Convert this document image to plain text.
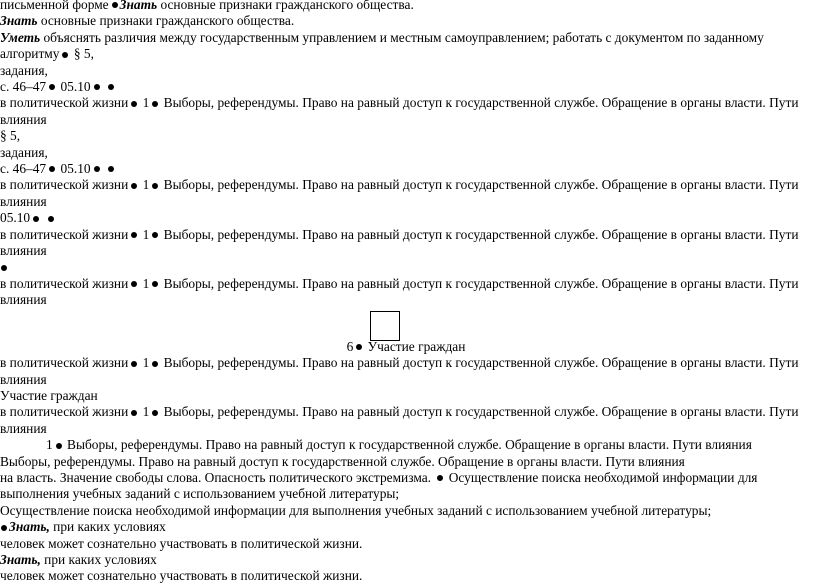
письменной форме Знать основные признаки гражданского общества.
Знать основные признаки гражданского общества.
Уметь объяснять различия между государственным управлением и местным самоуправлением; работать с документом по заданному алгоритму § 5,
задания,
с. 46–47 05.10
в политической жизни 1 Выборы, референдумы. Право на равный доступ к государственной службе. Обращение в органы власти. Пути влияния
§ 5,
задания,
с. 46–47 05.10
в политической жизни 1 Выборы, референдумы. Право на равный доступ к государственной службе. Обращение в органы власти. Пути влияния
05.10
в политической жизни 1 Выборы, референдумы. Право на равный доступ к государственной службе. Обращение в органы власти. Пути влияния
в политической жизни 1 Выборы, референдумы. Право на равный доступ к государственной службе. Обращение в органы власти. Пути влияния
6 Участие граждан
в политической жизни 1 Выборы, референдумы. Право на равный доступ к государственной службе. Обращение в органы власти. Пути влияния
Участие граждан
в политической жизни 1 Выборы, референдумы. Право на равный доступ к государственной службе. Обращение в органы власти. Пути влияния
1 Выборы, референдумы. Право на равный доступ к государственной службе. Обращение в органы власти. Пути влияния
Выборы, референдумы. Право на равный доступ к государственной службе. Обращение в органы власти. Пути влияния
на власть. Значение свободы слова. Опасность политического экстремизма.  Осуществление поиска необходимой информации для выполнения учебных заданий с использованием учебной литературы;
Осуществление поиска необходимой информации для выполнения учебных заданий с использованием учебной литературы;
Знать, при каких условиях
человек может сознательно участвовать в политической жизни.
Знать, при каких условиях
человек может сознательно участвовать в политической жизни.
